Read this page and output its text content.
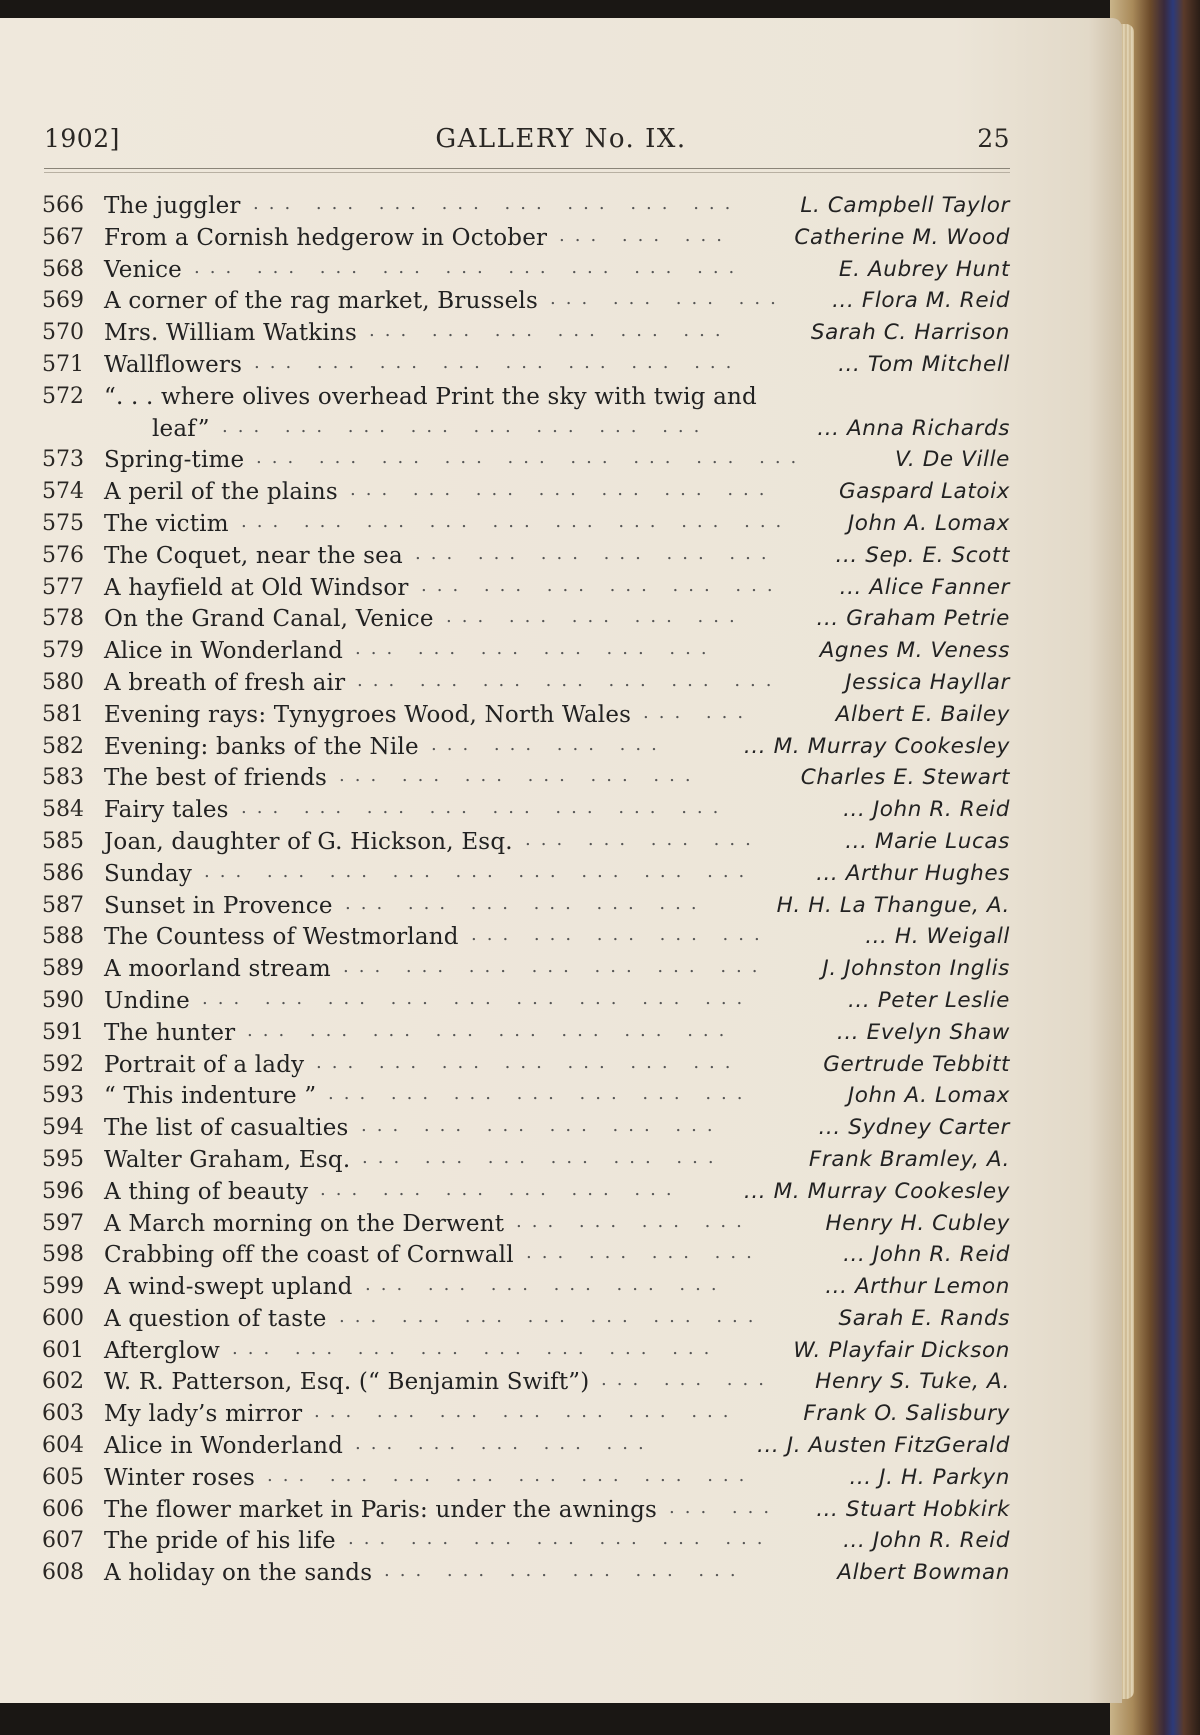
1902]	GALLERY No. IX.	25
566 The juggler	L. Campbell Taylor
... ... ... ... ... ... ... ...
567 From a Cornish hedgerow in October	Catherine M. Wood
... ... ...
568 Venice	E. Aubrey Hunt
... ... ... ... ... ... ... ... ...
569 A corner of the rag market, Brussels	... Flora M. Reid
... ... ... ...
570 Mrs. William Watkins	Sarah C. Harrison
... ... ... ... ... ...
571 Wallflowers	... Tom Mitchell
... ... ... ... ... ... ... ...
572 “. . . where olives overhead Print the sky with twig and
leaf”	... Anna Richards
... ... ... ... ... ... ... ...
573 Spring-time	V. De Ville
... ... ... ... ... ... ... ... ...
574 A peril of the plains	Gaspard Latoix
... ... ... ... ... ... ...
575 The victim	John A. Lomax
... ... ... ... ... ... ... ... ...
576 The Coquet, near the sea	... Sep. E. Scott
... ... ... ... ... ...
577 A hayfield at Old Windsor	... Alice Fanner
... ... ... ... ... ...
578 On the Grand Canal, Venice	... Graham Petrie
... ... ... ... ...
579 Alice in Wonderland	Agnes M. Veness
... ... ... ... ... ...
580 A breath of fresh air	Jessica Hayllar
... ... ... ... ... ... ...
581 Evening rays: Tynygroes Wood, North Wales	Albert E. Bailey
... ...
582 Evening: banks of the Nile	... M. Murray Cookesley
... ... ... ...
583 The best of friends	Charles E. Stewart
... ... ... ... ... ...
584 Fairy tales	... John R. Reid
... ... ... ... ... ... ... ...
585 Joan, daughter of G. Hickson, Esq.	... Marie Lucas
... ... ... ...
586 Sunday	... Arthur Hughes
... ... ... ... ... ... ... ... ...
587 Sunset in Provence	H. H. La Thangue, A.
... ... ... ... ... ...
588 The Countess of Westmorland	... H. Weigall
... ... ... ... ...
589 A moorland stream	J. Johnston Inglis
... ... ... ... ... ... ...
590 Undine	... Peter Leslie
... ... ... ... ... ... ... ... ...
591 The hunter	... Evelyn Shaw
... ... ... ... ... ... ... ...
592 Portrait of a lady	Gertrude Tebbitt
... ... ... ... ... ... ...
593 “ This indenture ”	John A. Lomax
... ... ... ... ... ... ...
594 The list of casualties	... Sydney Carter
... ... ... ... ... ...
595 Walter Graham, Esq.	Frank Bramley, A.
... ... ... ... ... ...
596 A thing of beauty	... M. Murray Cookesley
... ... ... ... ... ...
597 A March morning on the Derwent	Henry H. Cubley
... ... ... ...
598 Crabbing off the coast of Cornwall	... John R. Reid
... ... ... ...
599 A wind-swept upland	... Arthur Lemon
... ... ... ... ... ...
600 A question of taste	Sarah E. Rands
... ... ... ... ... ... ...
601 Afterglow	W. Playfair Dickson
... ... ... ... ... ... ... ...
602 W. R. Patterson, Esq. (“ Benjamin Swift”)	Henry S. Tuke, A.
... ... ...
603 My lady’s mirror	Frank O. Salisbury
... ... ... ... ... ... ...
604 Alice in Wonderland	... J. Austen FitzGerald
... ... ... ... ...
605 Winter roses	... J. H. Parkyn
... ... ... ... ... ... ... ...
606 The flower market in Paris: under the awnings	... Stuart Hobkirk
... ...
607 The pride of his life	... John R. Reid
... ... ... ... ... ... ...
608 A holiday on the sands	Albert Bowman
... ... ... ... ... ...
